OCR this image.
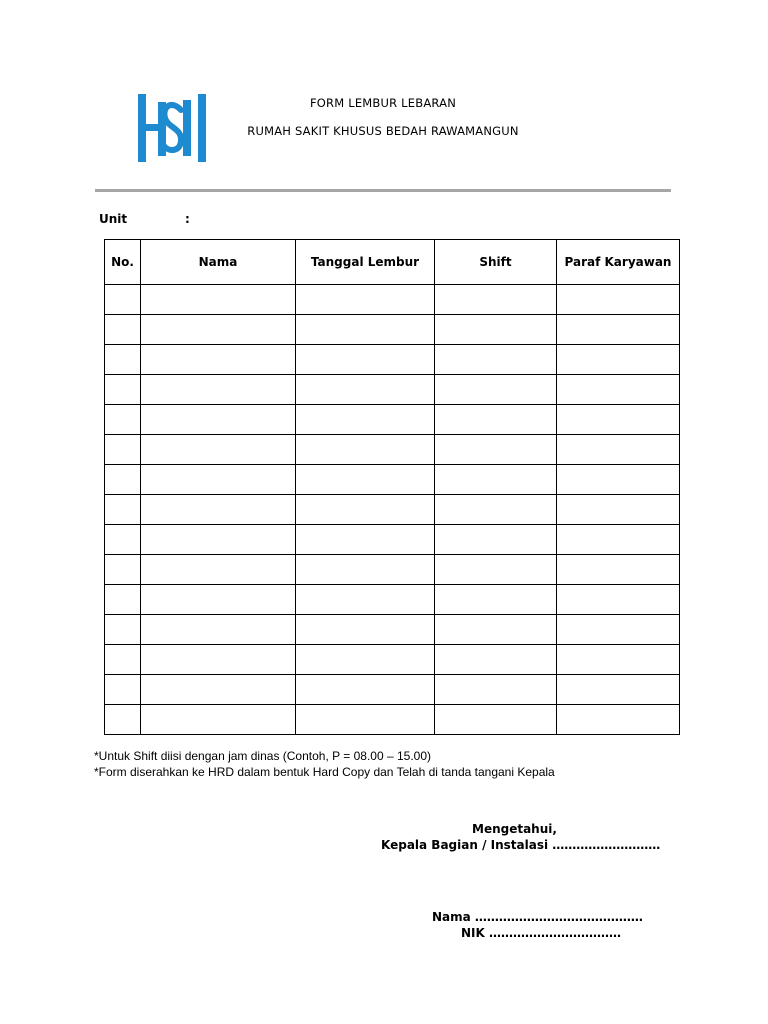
FORM LEMBUR LEBARAN
RUMAH SAKIT KHUSUS BEDAH RAWAMANGUN
Unit	:
No.	Nama	Tanggal Lembur	Shift	Paraf Karyawan

*Untuk Shift diisi dengan jam dinas (Contoh, P = 08.00 – 15.00)
*Form diserahkan ke HRD dalam bentuk Hard Copy dan Telah di tanda tangani Kepala
Mengetahui,
Kepala Bagian / Instalasi ………………………
Nama ……………………………………
NIK ……………………………
